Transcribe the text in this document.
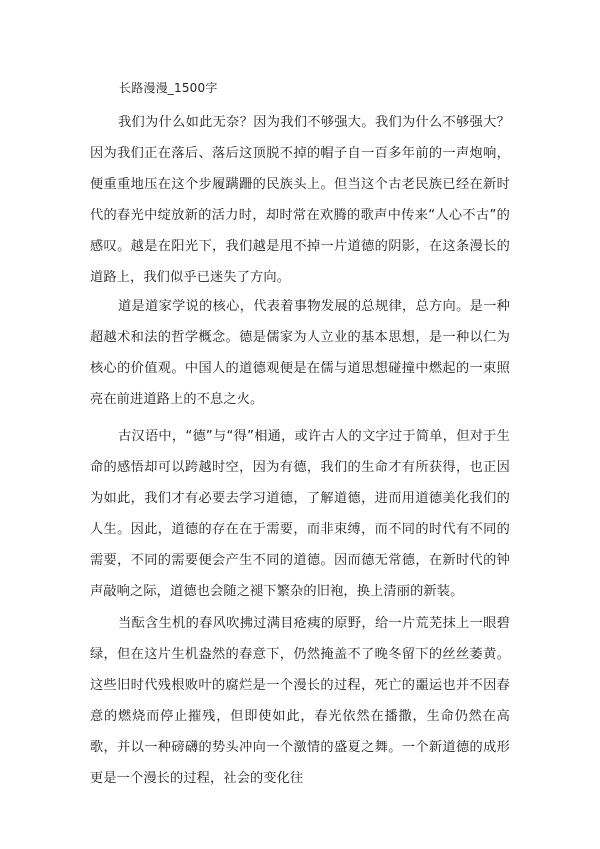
长路漫漫_1500字

我们为什么如此无奈？因为我们不够强大。我们为什么不够强大？因为我们正在落后、落后这顶脱不掉的帽子自一百多年前的一声炮响，便重重地压在这个步履蹒跚的民族头上。但当这个古老民族已经在新时代的春光中绽放新的活力时，却时常在欢腾的歌声中传来“人心不古”的感叹。越是在阳光下，我们越是甩不掉一片道德的阴影，在这条漫长的道路上，我们似乎已迷失了方向。

道是道家学说的核心，代表着事物发展的总规律，总方向。是一种超越术和法的哲学概念。德是儒家为人立业的基本思想，是一种以仁为核心的价值观。中国人的道德观便是在儒与道思想碰撞中燃起的一束照亮在前进道路上的不息之火。

古汉语中，“德”与“得”相通，或许古人的文字过于简单，但对于生命的感悟却可以跨越时空，因为有德，我们的生命才有所获得，也正因为如此，我们才有必要去学习道德，了解道德，进而用道德美化我们的人生。因此，道德的存在在于需要，而非束缚，而不同的时代有不同的需要，不同的需要便会产生不同的道德。因而德无常德，在新时代的钟声敲响之际，道德也会随之褪下繁杂的旧袍，换上清丽的新装。

当酝含生机的春风吹拂过满目疮痍的原野，给一片荒芜抹上一眼碧绿，但在这片生机盎然的春意下，仍然掩盖不了晚冬留下的丝丝萎黄。这些旧时代残根败叶的腐烂是一个漫长的过程，死亡的噩运也并不因春意的燃烧而停止摧残，但即使如此，春光依然在播撒，生命仍然在高歌，并以一种磅礴的势头冲向一个激情的盛夏之舞。一个新道德的成形更是一个漫长的过程，社会的变化往
